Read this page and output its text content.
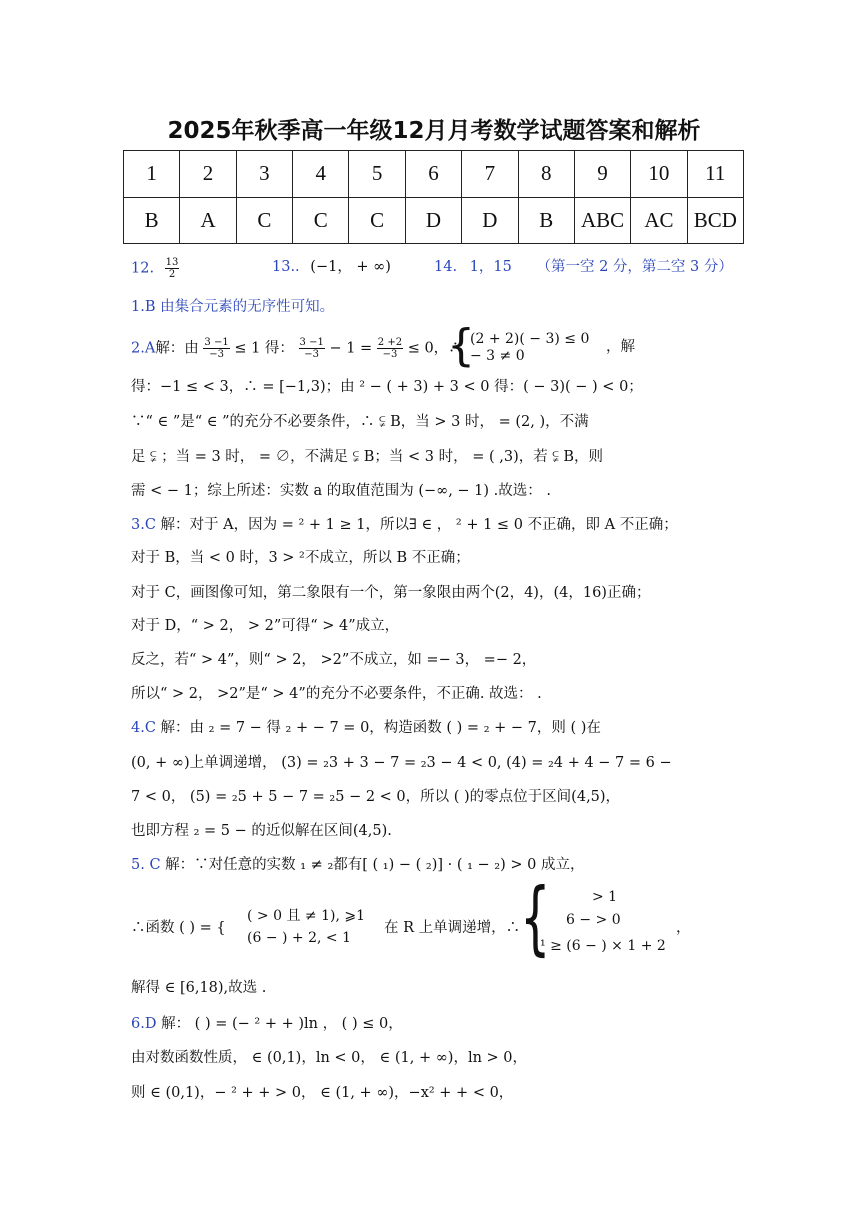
2025年秋季高一年级12月月考数学试题答案和解析
1	2	3	4	5	6	7	8	9	10	11
B	A	C	C	C	D	D	B	ABC	AC	BCD
12. $\frac{13}{2}$	13.. (−1， + ∞)	14. 1，15 （第一空 2 分，第二空 3 分）
1.B 由集合元素的无序性可知。
2.A解：由 $\frac{3 -1}{-3} \le 1$ 得： $\frac{3 -1}{-3} - 1 = \frac{2 +2}{-3} \le 0$，∴
{
(2 + 2)( − 3) ≤ 0
− 3 ≠ 0
，解
得：−1 ≤ < 3，∴ = [−1,3)；由 ² − ( + 3) + 3 < 0 得：( − 3)( − ) < 0；
∵“ ∈ ”是“ ∈ ”的充分不必要条件，∴ ⫋ B，当 > 3 时， = (2, )，不满
足 ⫋ ；当 = 3 时， = ∅，不满足 ⫋ B；当 < 3 时， = ( ,3)，若 ⫋ B，则
需 < − 1；综上所述：实数 a 的取值范围为 (−∞, − 1) .故选： .
3.C 解：对于 A，因为 = ² + 1 ≥ 1，所以∃ ∈ ， ² + 1 ≤ 0 不正确，即 A 不正确；
对于 B，当 < 0 时，3 > ²不成立，所以 B 不正确；
对于 C，画图像可知，第二象限有一个，第一象限由两个(2，4)，(4，16)正确；
对于 D，“ > 2， > 2”可得“ > 4”成立，
反之，若“ > 4”，则“ > 2， >2”不成立，如 =− 3， =− 2，
所以“ > 2， >2”是“ > 4”的充分不必要条件，不正确. 故选： .
4.C 解：由 ₂ = 7 − 得 ₂ + − 7 = 0，构造函数 ( ) = ₂ + − 7，则 ( )在
(0, + ∞)上单调递增， (3) = ₂3 + 3 − 7 = ₂3 − 4 < 0, (4) = ₂4 + 4 − 7 = 6 −
7 < 0， (5) = ₂5 + 5 − 7 = ₂5 − 2 < 0，所以 ( )的零点位于区间(4,5)，
也即方程 ₂ = 5 − 的近似解在区间(4,5).
5. C 解：∵对任意的实数 ₁ ≠ ₂都有[ ( ₁) − ( ₂)] · ( ₁ − ₂) > 0 成立，
∴函数 ( ) = {
( > 0 且 ≠ 1), ⩾1
(6 − ) + 2, < 1
在 R 上单调递增，∴ {	> 1
6 − > 0
¹ ≥ (6 − ) × 1 + 2
，
解得 ∈ [6,18),故选 .
6.D 解： ( ) = (− ² + + )ln ， ( ) ≤ 0，
由对数函数性质， ∈ (0,1)，ln < 0， ∈ (1, + ∞)，ln > 0，
则 ∈ (0,1)，− ² + + > 0， ∈ (1, + ∞)，−x² + + < 0，
